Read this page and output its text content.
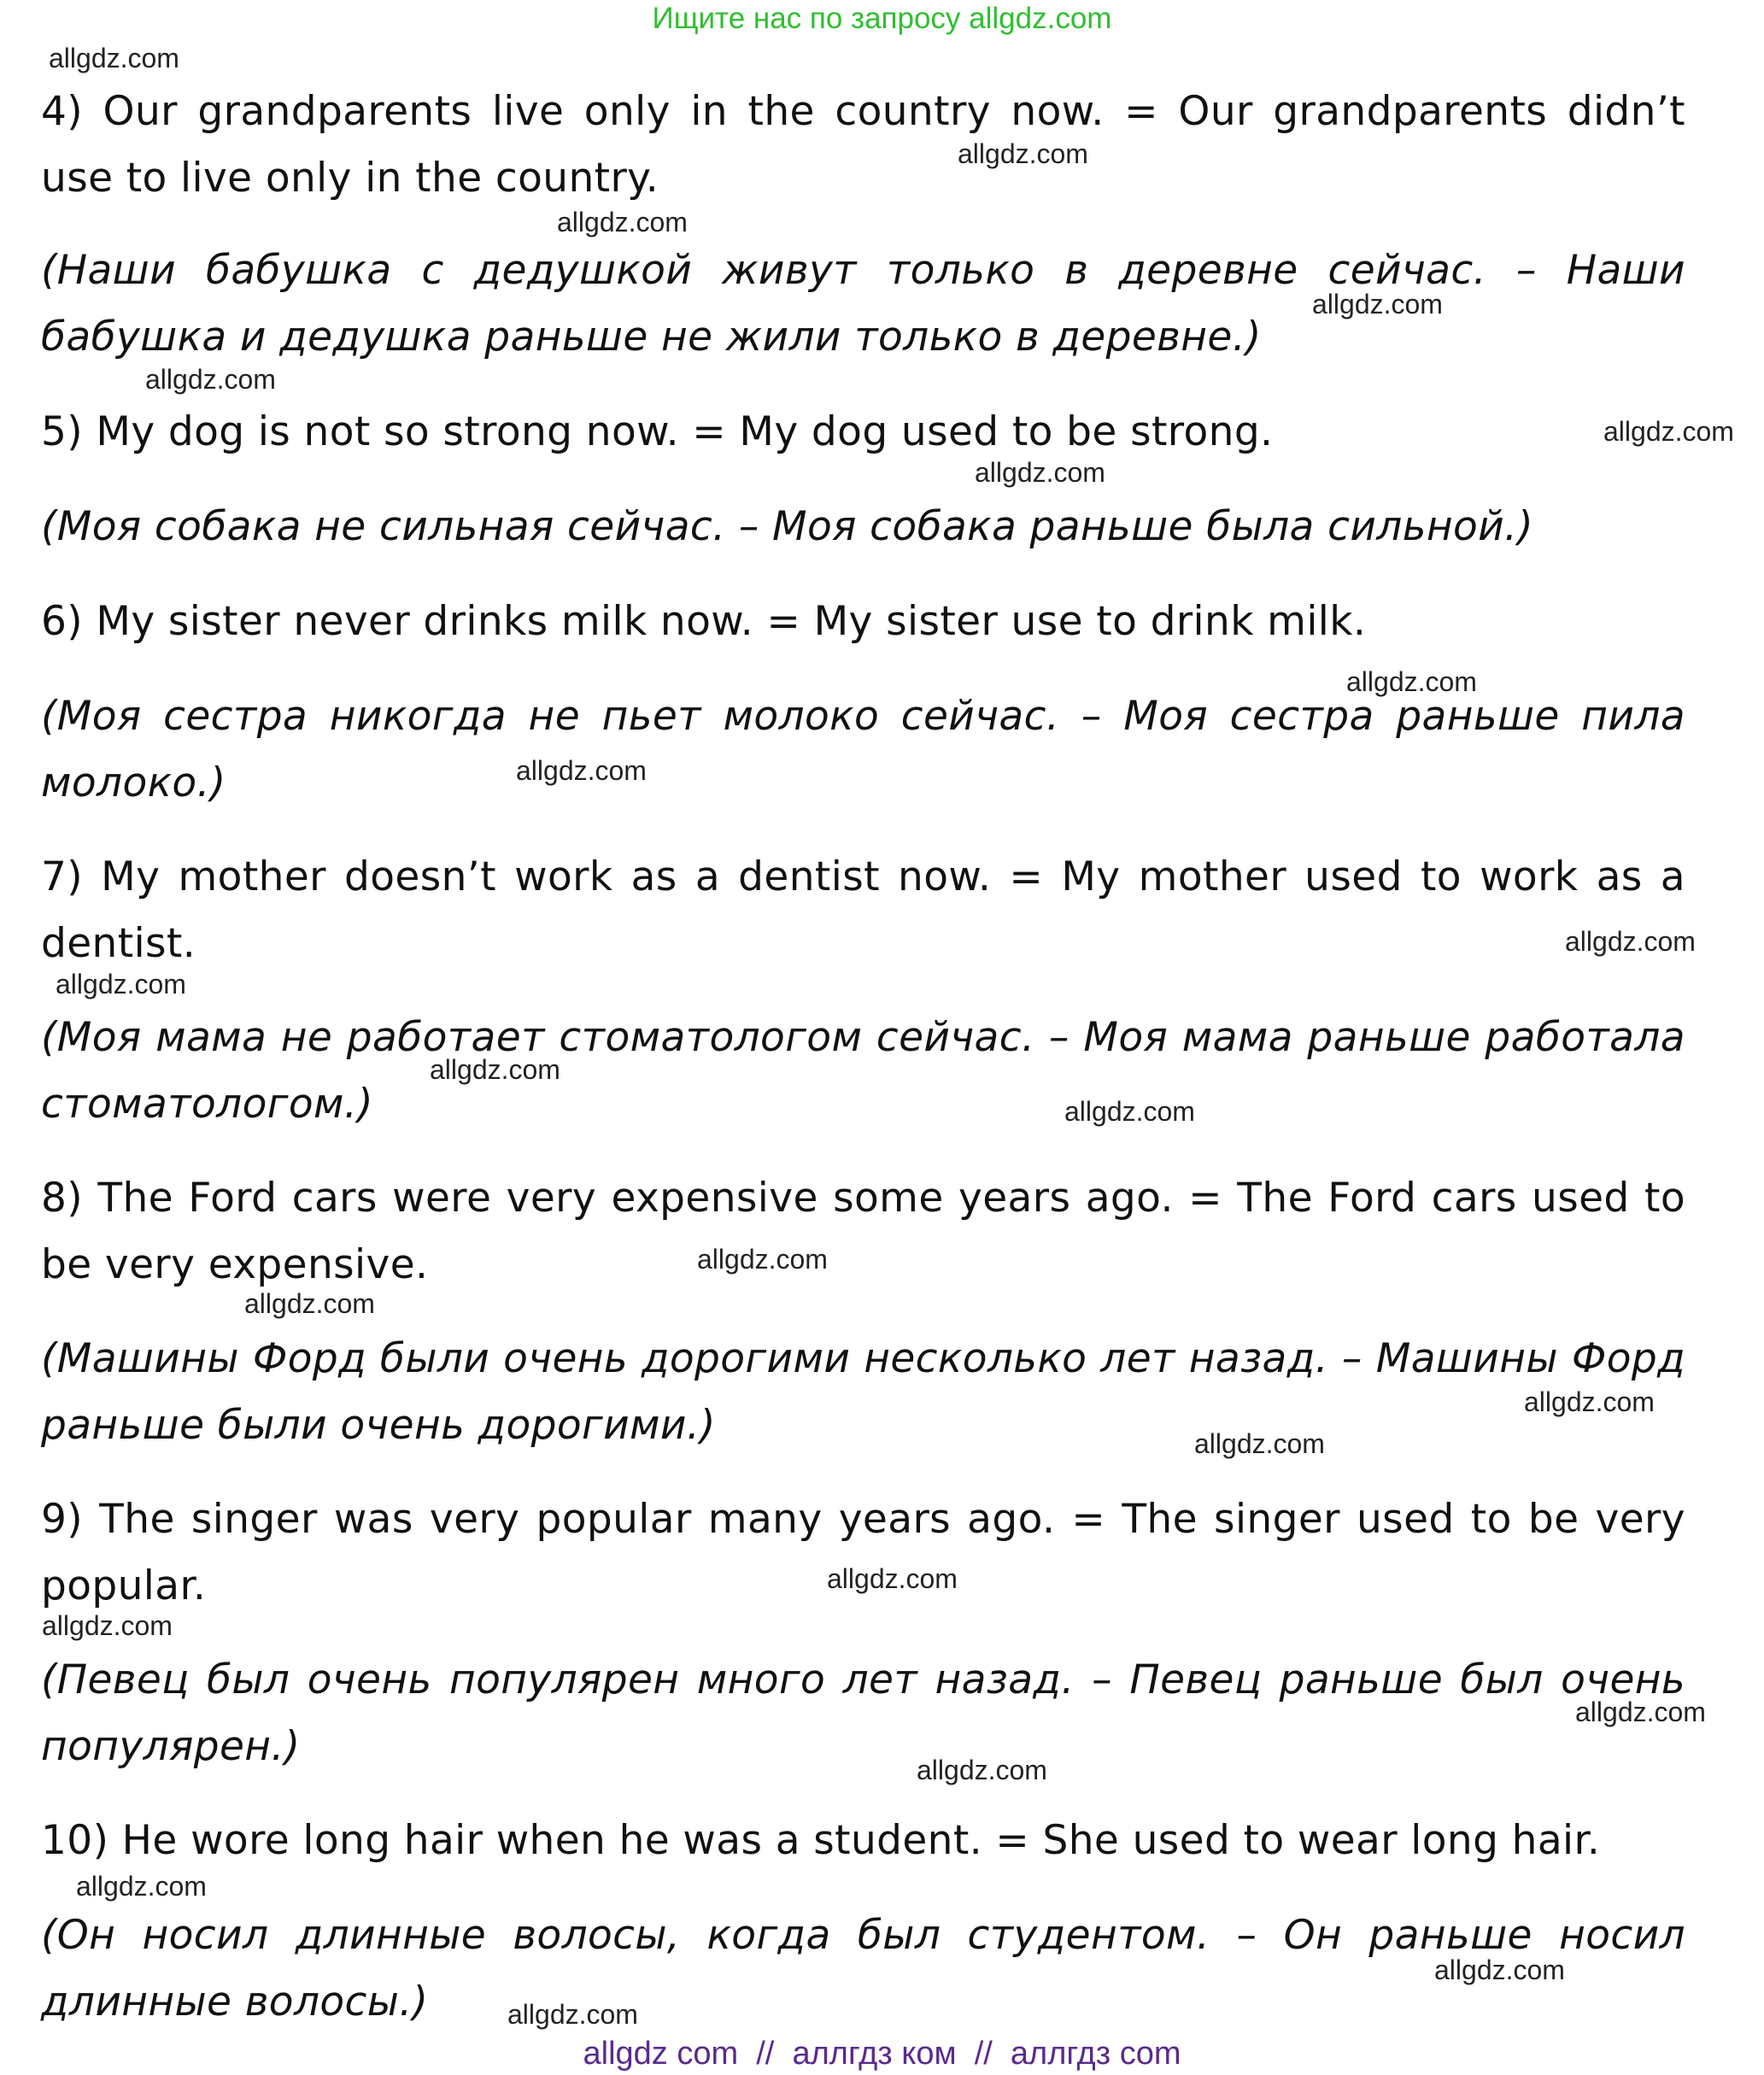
Ищите нас по запросу allgdz.com
4) Our grandparents live only in the country now. = Our grandparents didn’t use to live only in the country.
(Наши бабушка с дедушкой живут только в деревне сейчас. – Наши бабушка и дедушка раньше не жили только в деревне.)
5) My dog is not so strong now. = My dog used to be strong.
(Моя собака не сильная сейчас. – Моя собака раньше была сильной.)
6) My sister never drinks milk now. = My sister use to drink milk.
(Моя сестра никогда не пьет молоко сейчас. – Моя сестра раньше пила молоко.)
7) My mother doesn’t work as a dentist now. = My mother used to work as a dentist.
(Моя мама не работает стоматологом сейчас. – Моя мама раньше работала стоматологом.)
8) The Ford cars were very expensive some years ago. = The Ford cars used to be very expensive.
(Машины Форд были очень дорогими несколько лет назад. – Машины Форд раньше были очень дорогими.)
9) The singer was very popular many years ago. = The singer used to be very popular.
(Певец был очень популярен много лет назад. – Певец раньше был очень популярен.)
10) He wore long hair when he was a student. = She used to wear long hair.
(Он носил длинные волосы, когда был студентом. – Он раньше носил длинные волосы.)
allgdz.com
allgdz.com
allgdz.com
allgdz.com
allgdz.com
allgdz.com
allgdz.com
allgdz.com
allgdz.com
allgdz.com
allgdz.com
allgdz.com
allgdz.com
allgdz.com
allgdz.com
allgdz.com
allgdz.com
allgdz.com
allgdz.com
allgdz.com
allgdz.com
allgdz.com
allgdz.com
allgdz.com
allgdz com  //  аллгдз ком  //  аллгдз com
